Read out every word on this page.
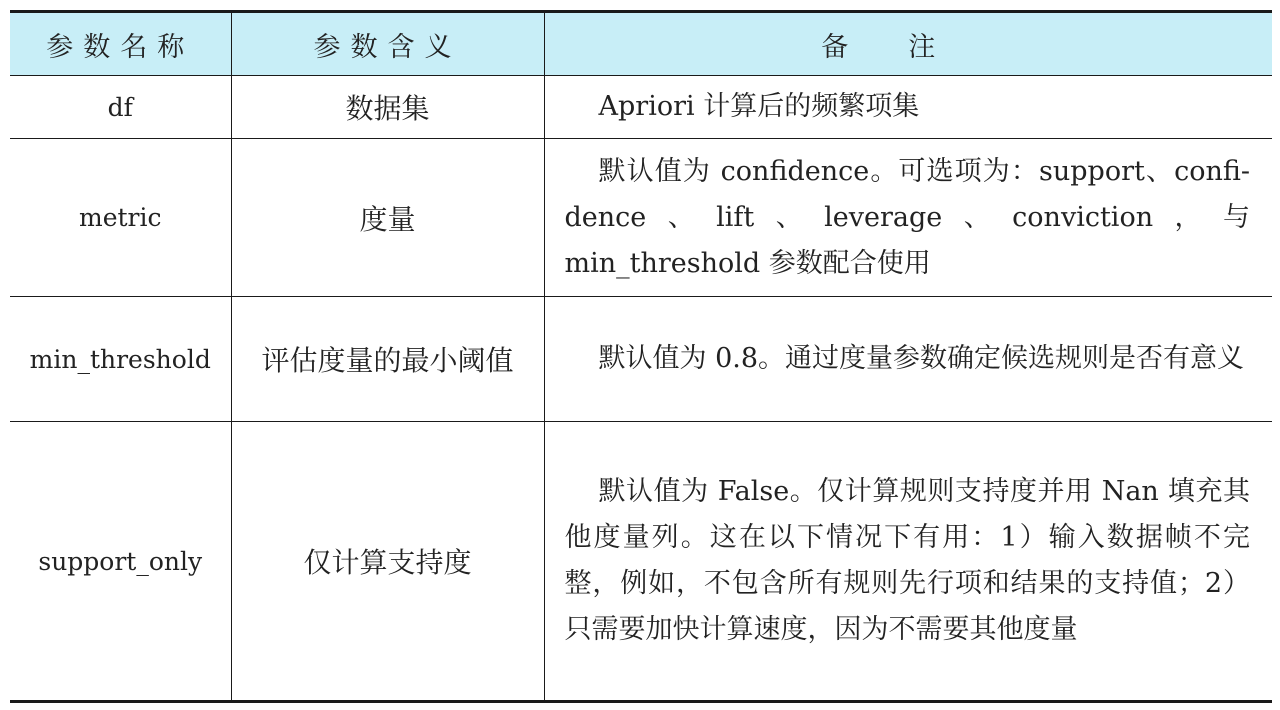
参数名称	参数含义	备注
df	数据集	Apriori 计算后的频繁项集
metric	度量	默认值为 confidence。可选项为：support、confi-dence、lift、leverage、conviction，与 min_threshold 参数配合使用
min_threshold	评估度量的最小阈值	默认值为 0.8。通过度量参数确定候选规则是否有意义
support_only	仅计算支持度	默认值为 False。仅计算规则支持度并用 Nan 填充其他度量列。这在以下情况下有用：1）输入数据帧不完整，例如，不包含所有规则先行项和结果的支持值；2）只需要加快计算速度，因为不需要其他度量
